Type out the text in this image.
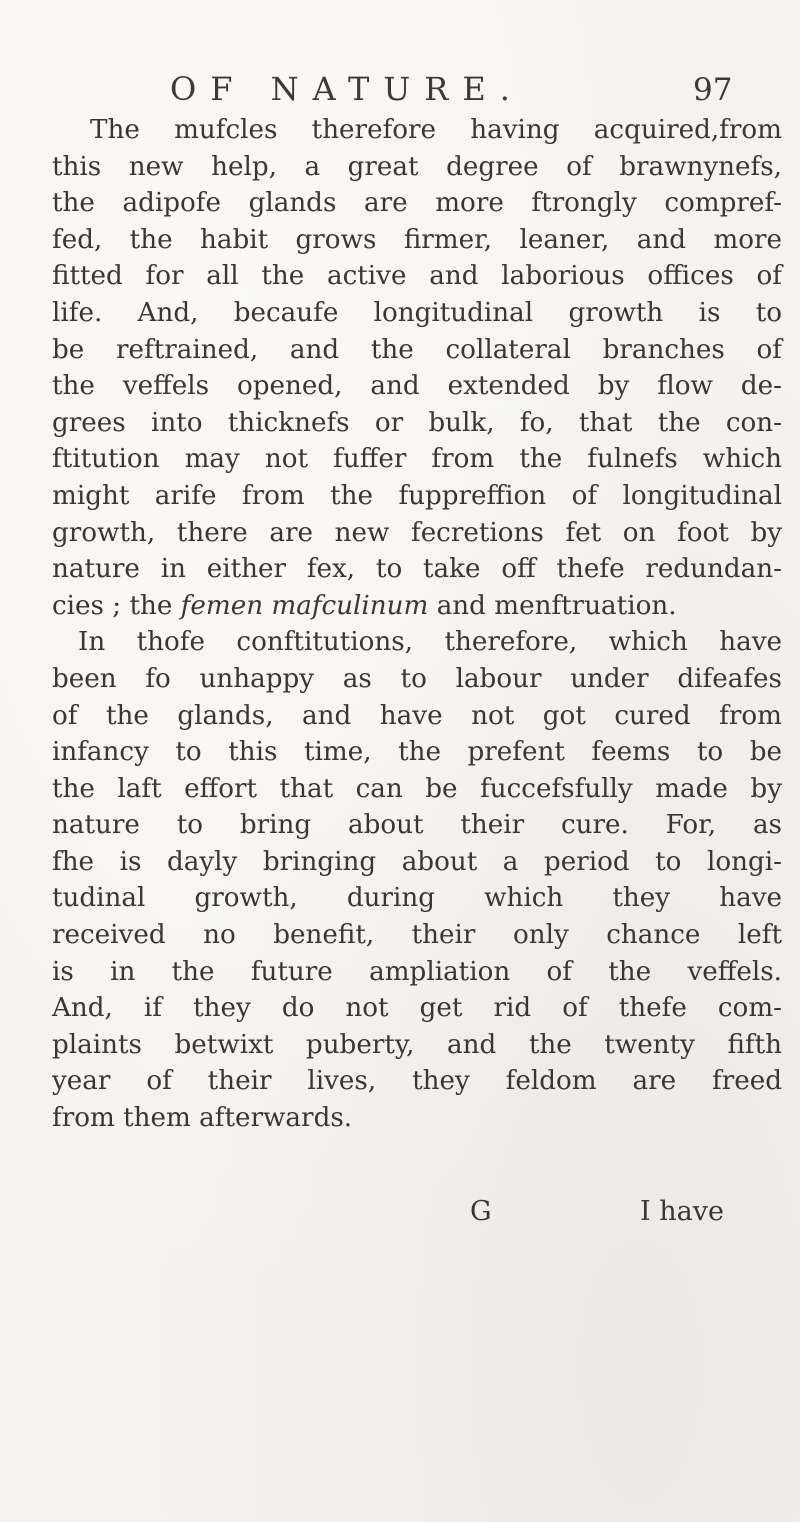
OF NATURE.	97
The mufcles therefore having acquired,from
this new help, a great degree of brawnynefs,
the adipofe glands are more ftrongly compref-
fed, the habit grows firmer, leaner, and more
fitted for all the active and laborious offices of
life. And, becaufe longitudinal growth is to
be reftrained, and the collateral branches of
the veffels opened, and extended by flow de-
grees into thicknefs or bulk, fo, that the con-
ftitution may not fuffer from the fulnefs which
might arife from the fuppreffion of longitudinal
growth, there are new fecretions fet on foot by
nature in either fex, to take off thefe redundan-
cies ; the femen mafculinum and menftruation.
In thofe conftitutions, therefore, which have
been fo unhappy as to labour under difeafes
of the glands, and have not got cured from
infancy to this time, the prefent feems to be
the laft effort that can be fuccefsfully made by
nature to bring about their cure. For, as
fhe is dayly bringing about a period to longi-
tudinal growth, during which they have
received no benefit, their only chance left
is in the future ampliation of the veffels.
And, if they do not get rid of thefe com-
plaints betwixt puberty, and the twenty fifth
year of their lives, they feldom are freed
from them afterwards.
G	I have
